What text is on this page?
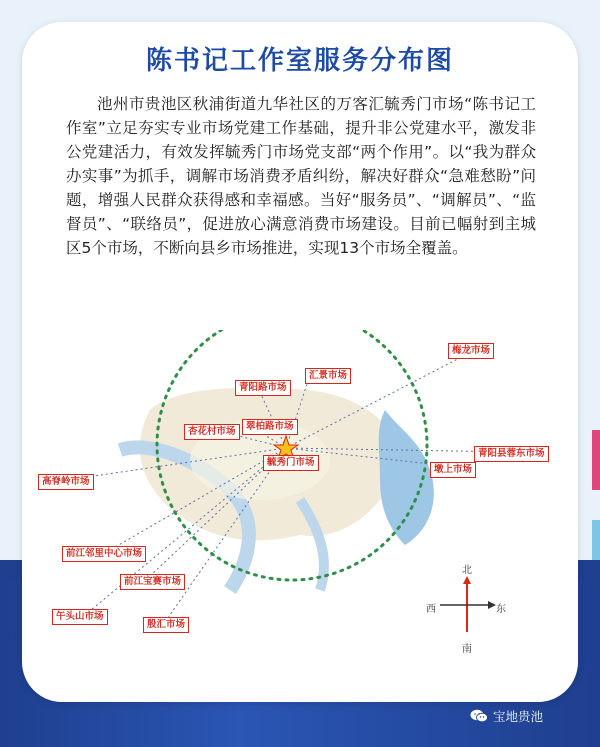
陈书记工作室服务分布图
池州市贵池区秋浦街道九华社区的万客汇毓秀门市场“陈书记工作室”立足夯实专业市场党建工作基础，提升非公党建水平，激发非公党建活力，有效发挥毓秀门市场党支部“两个作用”。以“我为群众办实事”为抓手，调解市场消费矛盾纠纷，解决好群众“急难愁盼”问题，增强人民群众获得感和幸福感。当好“服务员”、“调解员”、“监督员”、“联络员”，促进放心满意消费市场建设。目前已幅射到主城区5个市场，不断向县乡市场推进，实现13个市场全覆盖。
梅龙市场
汇景市场
青阳路市场
翠柏路市场
杏花村市场
毓秀门市场
青阳县蓉东市场
墩上市场
高脊岭市场
前江邻里中心市场
前江宝赛市场
午头山市场
殷汇市场
北
南
西	东
宝地贵池
